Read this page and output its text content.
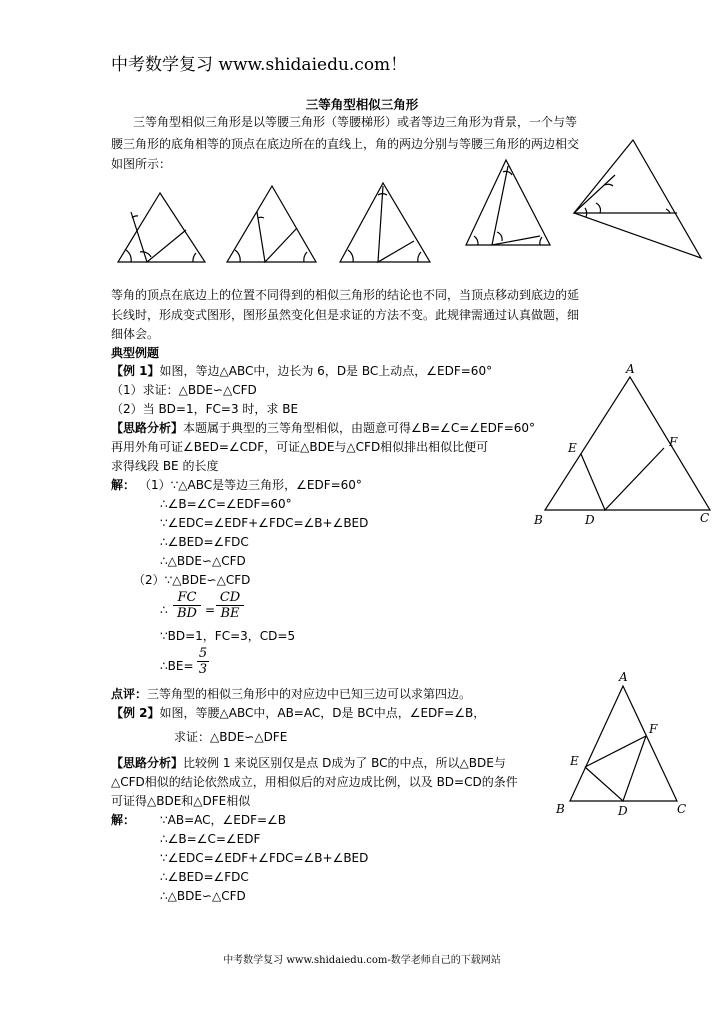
中考数学复习 www.shidaiedu.com！
三等角型相似三角形
三等角型相似三角形是以等腰三角形（等腰梯形）或者等边三角形为背景，一个与等
腰三角形的底角相等的顶点在底边所在的直线上，角的两边分别与等腰三角形的两边相交
如图所示：
等角的顶点在底边上的位置不同得到的相似三角形的结论也不同，当顶点移动到底边的延
长线时，形成变式图形，图形虽然变化但是求证的方法不变。此规律需通过认真做题，细
细体会。
典型例题
【例 1】如图，等边△ABC中，边长为 6，D是 BC上动点，∠EDF=60°
（1）求证：△BDE∽△CFD
（2）当 BD=1，FC=3 时，求 BE
【思路分析】本题属于典型的三等角型相似，由题意可得∠B=∠C=∠EDF=60°
再用外角可证∠BED=∠CDF，可证△BDE与△CFD相似排出相似比便可
求得线段 BE 的长度
解： （1）∵△ABC是等边三角形，∠EDF=60°
∴∠B=∠C=∠EDF=60°
∵∠EDC=∠EDF+∠FDC=∠B+∠BED
∴∠BED=∠FDC
∴△BDE∽△CFD
（2）∵△BDE∽△CFD
∴ $\frac{FC}{BD} = \frac{CD}{BE}$
∵BD=1，FC=3，CD=5
∴BE= $\frac{5}{3}$
A
E	F
B	D	C
点评：三等角型的相似三角形中的对应边中已知三边可以求第四边。
【例 2】如图，等腰△ABC中，AB=AC，D是 BC中点，∠EDF=∠B，
求证：△BDE∽△DFE
【思路分析】比较例 1 来说区别仅是点 D成为了 BC的中点，所以△BDE与
△CFD相似的结论依然成立，用相似后的对应边成比例，以及 BD=CD的条件
可证得△BDE和△DFE相似
解： ∵AB=AC，∠EDF=∠B
∴∠B=∠C=∠EDF
∵∠EDC=∠EDF+∠FDC=∠B+∠BED
∴∠BED=∠FDC
∴△BDE∽△CFD
A
E
F
B	D	C
中考数学复习 www.shidaiedu.com-数学老师自己的下载网站
